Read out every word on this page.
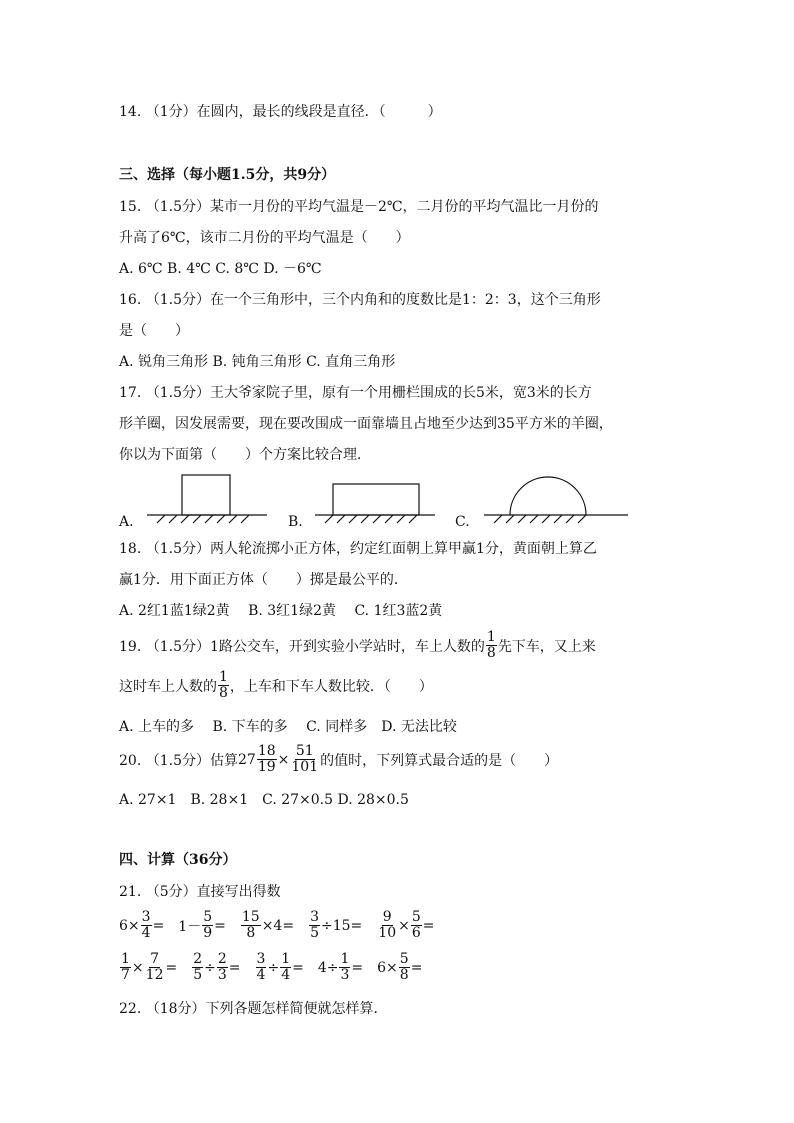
14. （1分）在圆内，最长的线段是直径．（　　　）
三、选择（每小题1.5分，共9分）
15. （1.5分）某市一月份的平均气温是－2℃，二月份的平均气温比一月份的
升高了6℃，该市二月份的平均气温是（　　）
A. 6℃ B. 4℃ C. 8℃ D. －6℃
16. （1.5分）在一个三角形中，三个内角和的度数比是1：2：3，这个三角形
是（　　）
A. 锐角三角形 B. 钝角三角形 C. 直角三角形
17. （1.5分）王大爷家院子里，原有一个用栅栏围成的长5米，宽3米的长方
形羊圈，因发展需要，现在要改围成一面靠墙且占地至少达到35平方米的羊圈，
你以为下面第（　　）个方案比较合理．
A.	B.	C.
18. （1.5分）两人轮流掷小正方体，约定红面朝上算甲赢1分，黄面朝上算乙
赢1分．用下面正方体（　　）掷是最公平的．
A. 2红1蓝1绿2黄　 B. 3红1绿2黄　 C. 1红3蓝2黄
19. （1.5分）1路公交车，开到实验小学站时，车上人数的 $\frac{1}{8}$ 先下车，又上来
这时车上人数的 $\frac{1}{8}$ ，上车和下车人数比较．（　　）
A. 上车的多　 B. 下车的多　 C. 同样多　D. 无法比较
20. （1.5分）估算 $27 \frac{18}{19} \times \frac{51}{101}$ 的值时，下列算式最合适的是（　　）
A. 27×1　B. 28×1　C. 27×0.5 D. 28×0.5
四、计算（36分）
21. （5分）直接写出得数
$6\times \frac{3}{4} = 1- \frac{5}{9} = \frac{15}{8} \times 4= \frac{3}{5} \div 15= \frac{9}{10} \times \frac{5}{6}$ =
$\frac{1}{7} \times \frac{7}{12} = \frac{2}{5} \div \frac{2}{3} = \frac{3}{4} \div \frac{1}{4} = 4\div \frac{1}{3} = 6\times \frac{5}{8}$ =
22. （18分）下列各题怎样简便就怎样算．
